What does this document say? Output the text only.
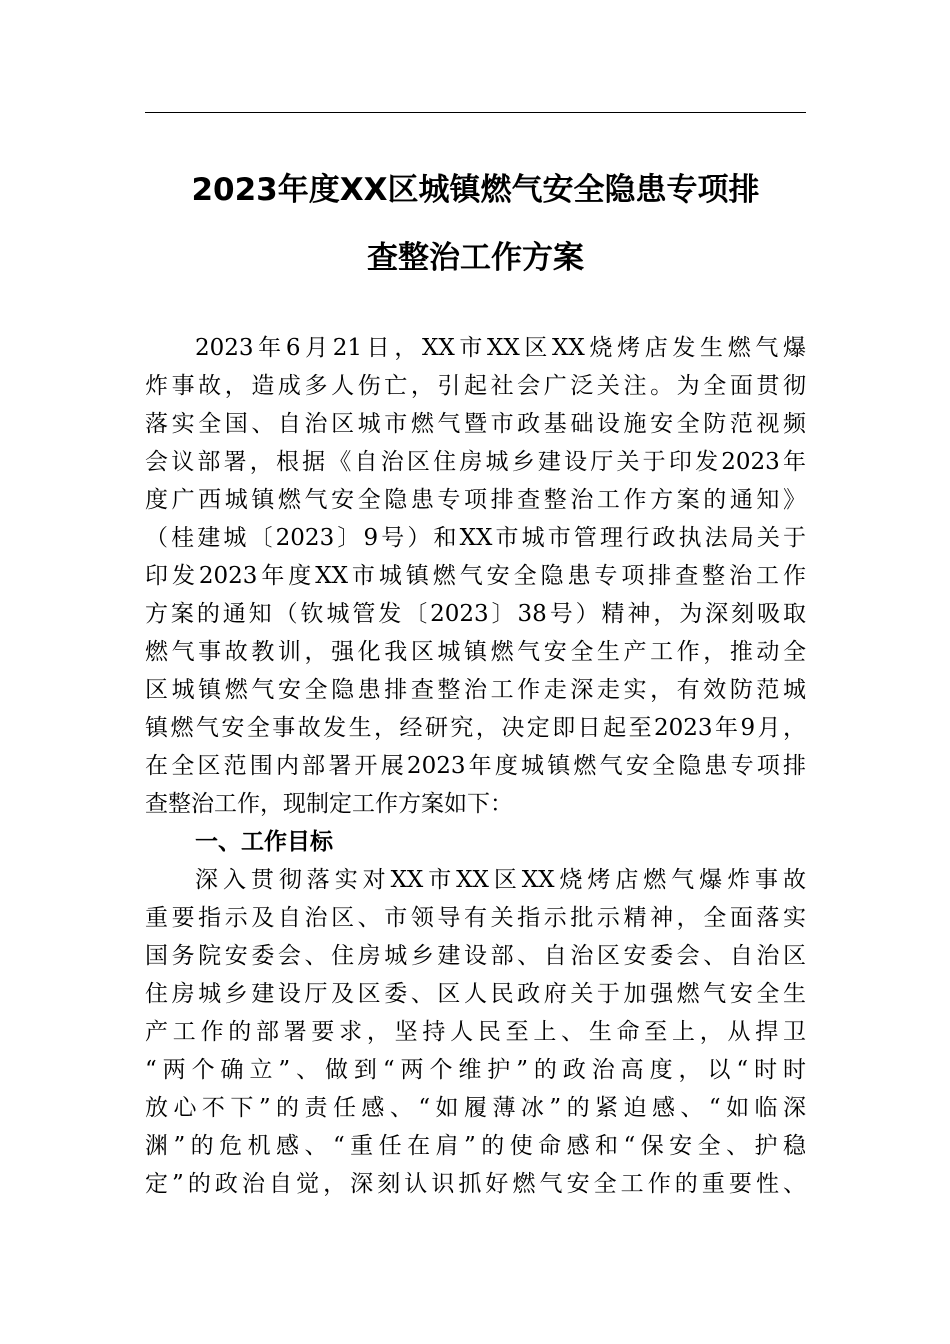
2023年度XX区城镇燃气安全隐患专项排
查整治工作方案
2023年6月21日，XX市XX区XX烧烤店发生燃气爆
炸事故，造成多人伤亡，引起社会广泛关注。为全面贯彻
落实全国、自治区城市燃气暨市政基础设施安全防范视频
会议部署，根据《自治区住房城乡建设厅关于印发2023年
度广西城镇燃气安全隐患专项排查整治工作方案的通知》
（桂建城〔2023〕9号）和XX市城市管理行政执法局关于
印发2023年度XX市城镇燃气安全隐患专项排查整治工作
方案的通知（钦城管发〔2023〕38号）精神，为深刻吸取
燃气事故教训，强化我区城镇燃气安全生产工作，推动全
区城镇燃气安全隐患排查整治工作走深走实，有效防范城
镇燃气安全事故发生，经研究，决定即日起至2023年9月，
在全区范围内部署开展2023年度城镇燃气安全隐患专项排
查整治工作，现制定工作方案如下：
一、工作目标
深入贯彻落实对XX市XX区XX烧烤店燃气爆炸事故
重要指示及自治区、市领导有关指示批示精神，全面落实
国务院安委会、住房城乡建设部、自治区安委会、自治区
住房城乡建设厅及区委、区人民政府关于加强燃气安全生
产工作的部署要求，坚持人民至上、生命至上，从捍卫
“两个确立”、做到“两个维护”的政治高度，以“时时
放心不下”的责任感、“如履薄冰”的紧迫感、“如临深
渊”的危机感、“重任在肩”的使命感和“保安全、护稳
定”的政治自觉，深刻认识抓好燃气安全工作的重要性、
